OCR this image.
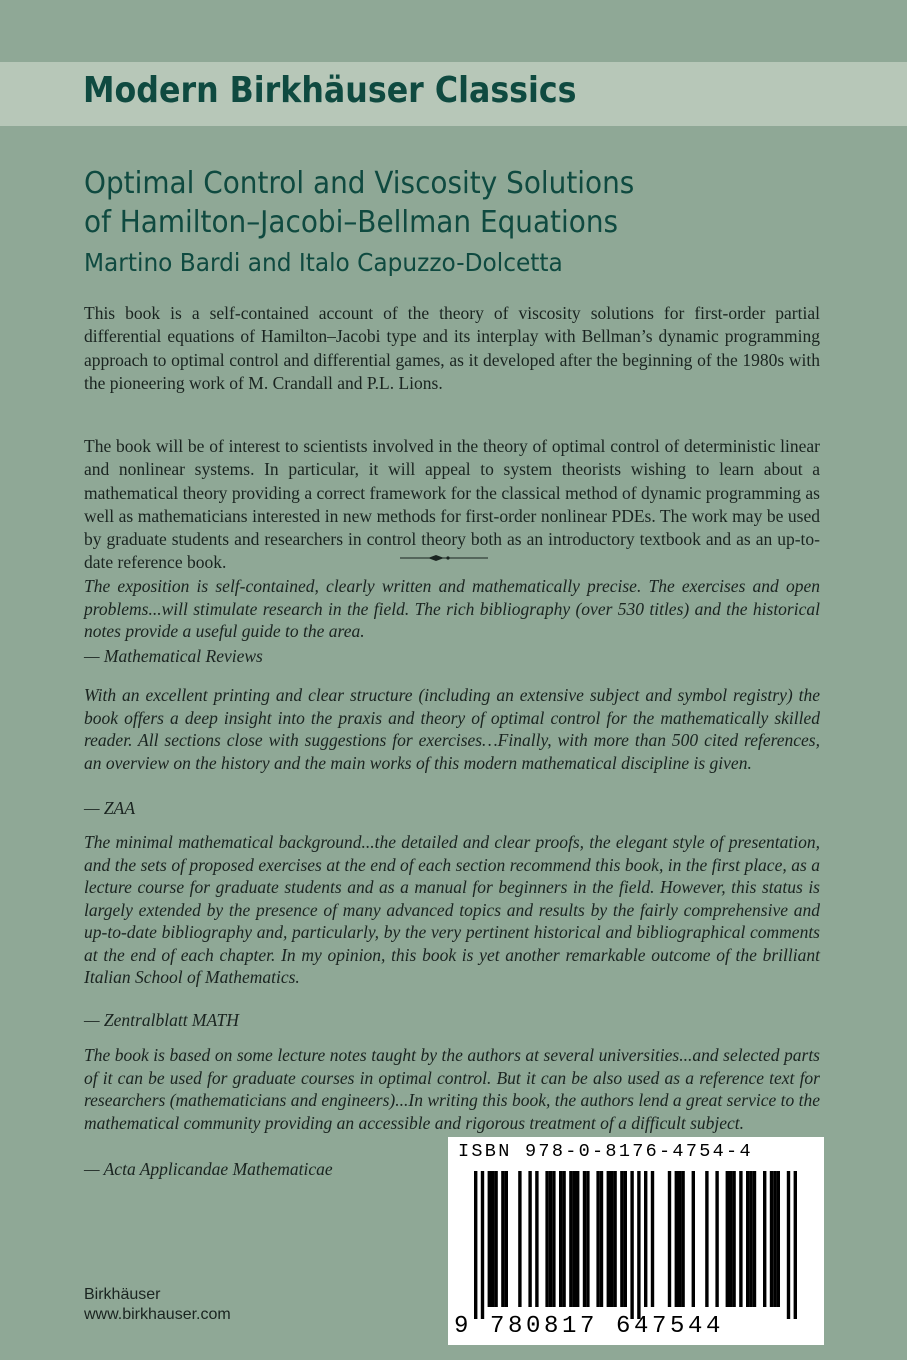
Modern Birkhäuser Classics
Optimal Control and Viscosity Solutions
of Hamilton–Jacobi–Bellman Equations
Martino Bardi and Italo Capuzzo-Dolcetta

This book is a self-contained account of the theory of viscosity solutions for first-order partial differential equations of Hamilton–Jacobi type and its interplay with Bellman’s dynamic programming approach to optimal control and differential games, as it developed after the beginning of the 1980s with the pioneering work of M. Crandall and P.L. Lions.

The book will be of interest to scientists involved in the theory of optimal control of deterministic linear and nonlinear systems. In particular, it will appeal to system theorists wishing to learn about a mathematical theory providing a correct framework for the classical method of dynamic programming as well as mathematicians interested in new methods for first-order nonlinear PDEs. The work may be used by graduate students and researchers in control theory both as an introductory textbook and as an up-to-date reference book.

The exposition is self-contained, clearly written and mathematically precise. The exercises and open problems...will stimulate research in the field. The rich bibliography (over 530 titles) and the historical notes provide a useful guide to the area.

— Mathematical Reviews

With an excellent printing and clear structure (including an extensive subject and symbol registry) the book offers a deep insight into the praxis and theory of optimal control for the mathematically skilled reader. All sections close with suggestions for exercises…Finally, with more than 500 cited references, an overview on the history and the main works of this modern mathematical discipline is given.

— ZAA

The minimal mathematical background...the detailed and clear proofs, the elegant style of presentation, and the sets of proposed exercises at the end of each section recommend this book, in the first place, as a lecture course for graduate students and as a manual for beginners in the field. However, this status is largely extended by the presence of many advanced topics and results by the fairly comprehensive and up-to-date bibliography and, particularly, by the very pertinent historical and bibliographical comments at the end of each chapter. In my opinion, this book is yet another remarkable outcome of the brilliant Italian School of Mathematics.

— Zentralblatt MATH

The book is based on some lecture notes taught by the authors at several universities...and selected parts of it can be used for graduate courses in optimal control. But it can be also used as a reference text for researchers (mathematicians and engineers)...In writing this book, the authors lend a great service to the mathematical community providing an accessible and rigorous treatment of a difficult subject.

— Acta Applicandae Mathematicae
Birkhäuser
www.birkhauser.com
ISBN 978-0-8176-4754-4
9 780817 647544
